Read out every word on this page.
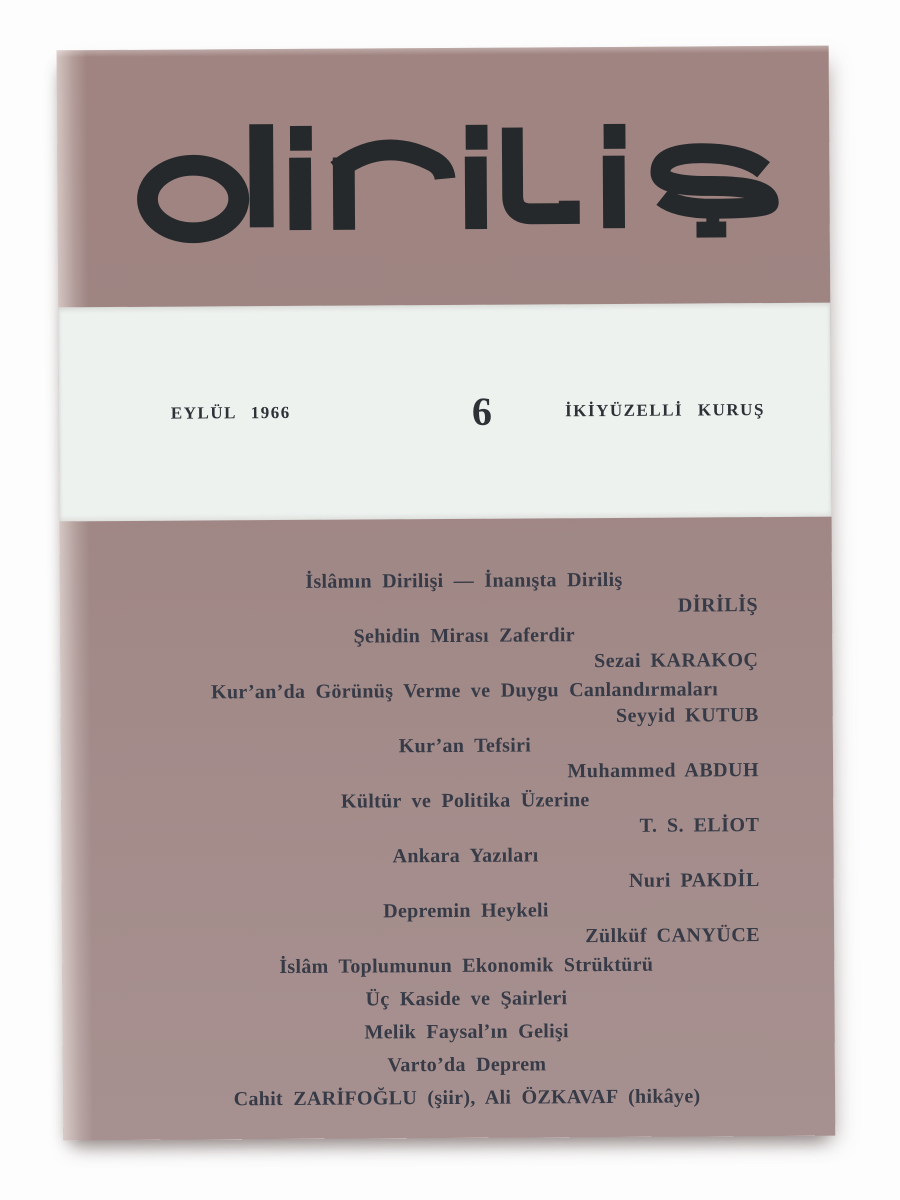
EYLÜL 1966	6	İKİYÜZELLİ KURUŞ
İslâmın Dirilişi — İnanışta Diriliş
DİRİLİŞ
Şehidin Mirası Zaferdir
Sezai KARAKOÇ
Kur’an’da Görünüş Verme ve Duygu Canlandırmaları
Seyyid KUTUB
Kur’an Tefsiri
Muhammed ABDUH
Kültür ve Politika Üzerine
T. S. ELİOT
Ankara Yazıları
Nuri PAKDİL
Depremin Heykeli
Zülküf CANYÜCE
İslâm Toplumunun Ekonomik Strüktürü
Üç Kaside ve Şairleri
Melik Faysal’ın Gelişi
Varto’da Deprem
Cahit ZARİFOĞLU (şiir), Ali ÖZKAVAF (hikâye)
